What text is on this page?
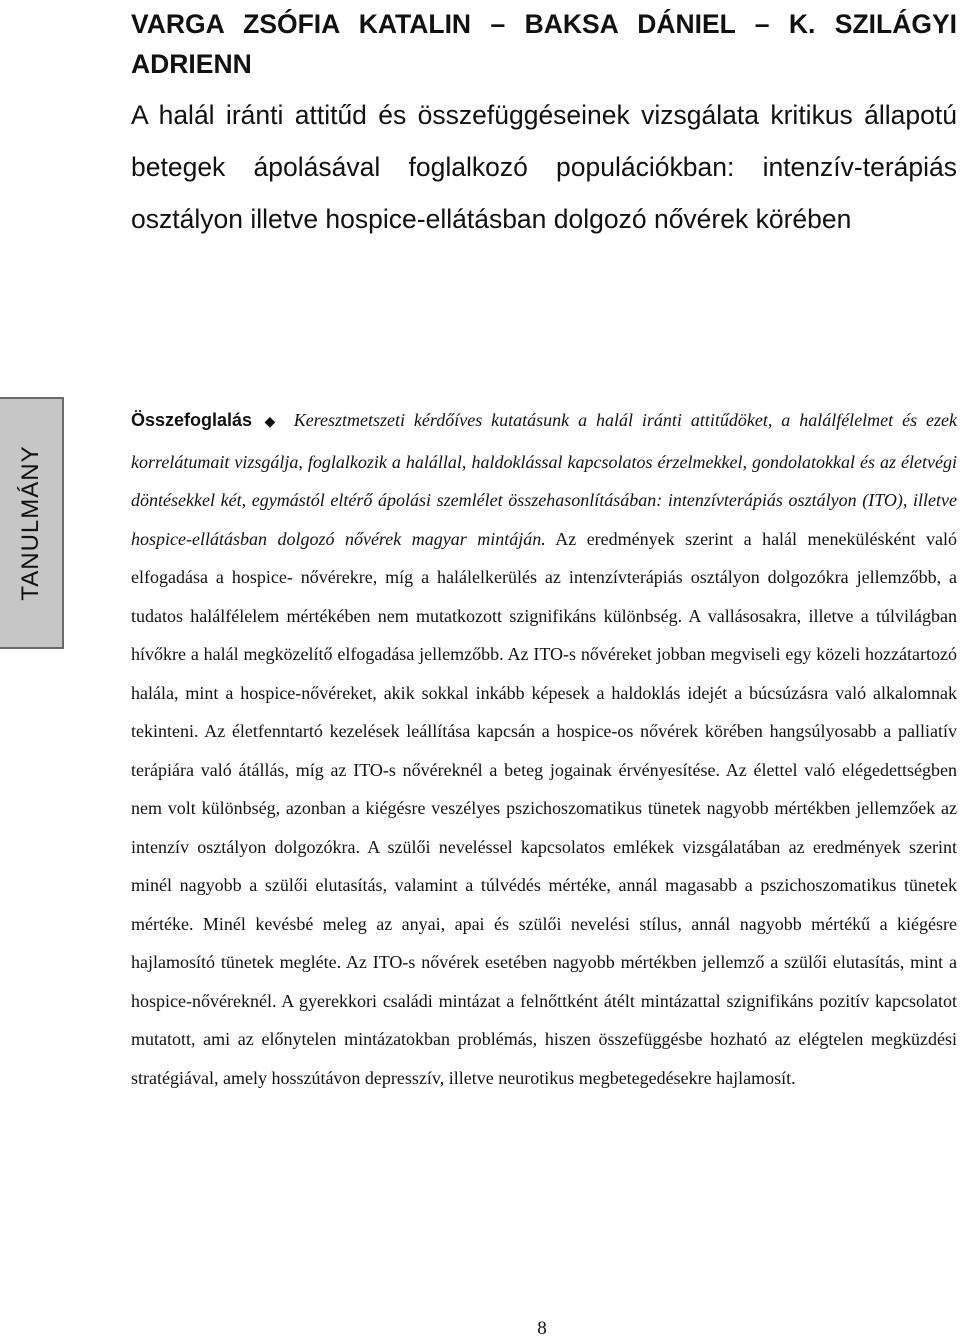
VARGA ZSÓFIA KATALIN – BAKSA DÁNIEL – K. SZILÁGYI ADRIENN
A halál iránti attitűd és összefüggéseinek vizsgálata kritikus állapotú betegek ápolásával foglalkozó populációkban: intenzív-terápiás osztályon illetve hospice-ellátásban dolgozó nővérek körében
TANULMÁNY

Összefoglalás ◆ Keresztmetszeti kérdőíves kutatásunk a halál iránti attitűdöket, a halálfélelmet és ezek korrelátumait vizsgálja, foglalkozik a halállal, haldoklással kapcsolatos érzelmekkel, gondolatokkal és az életvégi döntésekkel két, egymástól eltérő ápolási szemlélet összehasonlításában: intenzívterápiás osztályon (ITO), illetve hospice-ellátásban dolgozó nővérek magyar mintáján. Az eredmények szerint a halál menekülésként való elfogadása a hospice- nővérekre, míg a halálelkerülés az intenzívterápiás osztályon dolgozókra jellemzőbb, a tudatos halálfélelem mértékében nem mutatkozott szignifikáns különbség. A vallásosakra, illetve a túlvilágban hívőkre a halál megközelítő elfogadása jellemzőbb. Az ITO-s nővéreket jobban megviseli egy közeli hozzátartozó halála, mint a hospice-nővéreket, akik sokkal inkább képesek a haldoklás idejét a búcsúzásra való alkalomnak tekinteni. Az életfenntartó kezelések leállítása kapcsán a hospice-os nővérek körében hangsúlyosabb a palliatív terápiára való átállás, míg az ITO-s nővéreknél a beteg jogainak érvényesítése. Az élettel való elégedettségben nem volt különbség, azonban a kiégésre veszélyes pszichoszomatikus tünetek nagyobb mértékben jellemzőek az intenzív osztályon dolgozókra. A szülői neveléssel kapcsolatos emlékek vizsgálatában az eredmények szerint minél nagyobb a szülői elutasítás, valamint a túlvédés mértéke, annál magasabb a pszichoszomatikus tünetek mértéke. Minél kevésbé meleg az anyai, apai és szülői nevelési stílus, annál nagyobb mértékű a kiégésre hajlamosító tünetek megléte. Az ITO-s nővérek esetében nagyobb mértékben jellemző a szülői elutasítás, mint a hospice-nővéreknél. A gyerekkori családi mintázat a felnőttként átélt mintázattal szignifikáns pozitív kapcsolatot mutatott, ami az előnytelen mintázatokban problémás, hiszen összefüggésbe hozható az elégtelen megküzdési stratégiával, amely hosszútávon depresszív, illetve neurotikus megbetegedésekre hajlamosít.

8
